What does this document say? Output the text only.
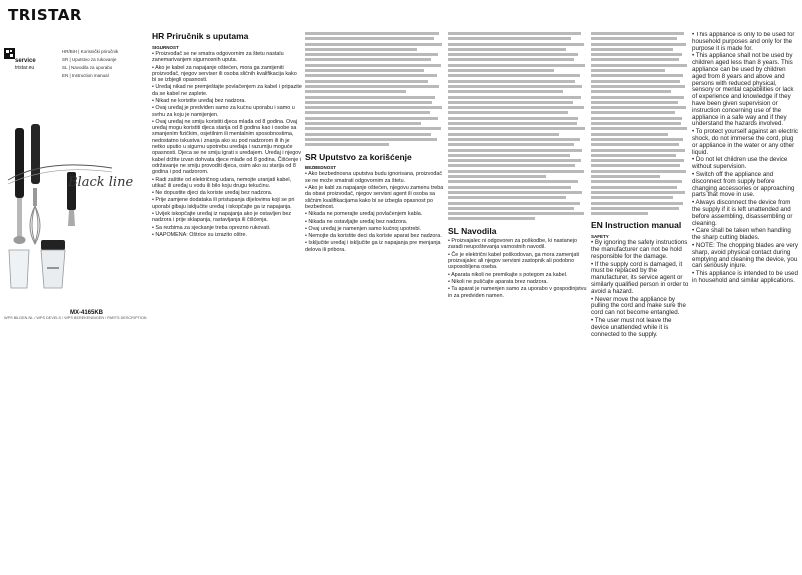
TRISTAR
service
tristar.eu
HR/BiH | Korisnički priručnik
SR | Uputstvo za rukovanje
SL | Navodila za uporabo
EN | Instruction manual
Black line
MX-4165KB
WPS BILDEN.NL / WPS DEVELS / WPS BEREKENINGEN / PARTS DESCRIPTION
HR Priručnik s uputama
SIGURNOST

• Proizvođač se ne smatra odgovornim za štetu nastalu zanemarivanjem sigurnosnih uputa.

• Ako je kabel za napajanje oštećen, mora ga zamijeniti proizvođač, njegov serviser ili osoba sličnih kvalifikacija kako bi se izbjegli opasnosti.

• Uređaj nikad ne premještajte povlačenjem za kabel i pripazite da se kabel ne zaplete.

• Nikad ne koristite uređaj bez nadzora.

• Ovaj uređaj je predviđen samo za kućnu uporabu i samo u svrhu za koju je namijenjen.

• Ovaj uređaj ne smiju koristiti djeca mlađa od 8 godina. Ovaj uređaj mogu koristiti djeca starija od 8 godina kao i osobe sa smanjenim fizičkim, osjetilnim ili mentalnim sposobnostima, nedostatno iskustva i znanja ako su pod nadzorom ili ih je netko uputio u sigurnu upotrebu uređaja i razumiju moguće opasnosti. Djeca se ne smiju igrati s uređajem. Uređaj i njegov kabel držite izvan dohvata djece mlađe od 8 godina. Čišćenje i održavanje ne smiju provoditi djeca, osim ako su starija od 8 godina i pod nadzorom.

• Radi zaštite od električnog udara, nemojte uranjati kabel, utikač ili uređaj u vodu ili bilo koju drugu tekućinu.

• Ne dopustite djeci da koriste uređaj bez nadzora.

• Prije zamjene dodataka ili pristupanja dijelovima koji se pri uporabi gibaju isključite uređaj i iskopčajte ga iz napajanja.

• Uvijek iskopčajte uređaj iz napajanja ako je ostavljen bez nadzora i prije sklapanja, rastavljanja ili čišćenja.

• Sa rezbima za sjeckanje treba oprezno rukovati.

• NAPOMENA: Oštrice su izrazito oštre.

SR Uputstvo za korišćenje
BEZBEDNOST

• Ako bezbednosna uputstva budu ignorisana, proizvođač se ne može smatrati odgovornim za štetu.

• Ako je kabl za napajanje oštećen, njegovu zamenu treba da obavi proizvođač, njegov servisni agent ili osoba sa sličnim kvalifikacijama kako bi se izbegla opasnost po bezbednost.

• Nikada ne pomerajte uređaj povlačenjem kabla.

• Nikada ne ostavljajte uređaj bez nadzora.

• Ovaj uređaj je namenjen samo kućnoj upotrebi.

• Nemojte da koristite deci da koriste aparat bez nadzora.

• Isključite uređaj i isključite ga iz napajanja pre menjanja delova ili pribora.

SL Navodila

• Proizvajalec ni odgovoren za poškodbe, ki nastanejo zaradi neupoštevanja varnostnih navodil.

• Če je električni kabel poškodovan, ga mora zamenjati proizvajalec ali njegov servisni zastopnik ali podobno usposobljena oseba.

• Aparata nikoli ne premikajte s potegom za kabel.

• Nikoli ne puščajte aparata brez nadzora.

• Ta aparat je namenjen samo za uporabo v gospodinjstvu in za predviden namen.

EN Instruction manual
SAFETY

• By ignoring the safety instructions the manufacturer can not be hold responsible for the damage.

• If the supply cord is damaged, it must be replaced by the manufacturer, its service agent or similarly qualified person in order to avoid a hazard.

• Never move the appliance by pulling the cord and make sure the cord can not become entangled.

• The user must not leave the device unattended while it is connected to the supply.

• This appliance is only to be used for household purposes and only for the purpose it is made for.

• This appliance shall not be used by children aged less than 8 years. This appliance can be used by children aged from 8 years and above and persons with reduced physical, sensory or mental capabilities or lack of experience and knowledge if they have been given supervision or instruction concerning use of the appliance in a safe way and if they understand the hazards involved.

• To protect yourself against an electric shock, do not immerse the cord, plug or appliance in the water or any other liquid.

• Do not let children use the device without supervision.

• Switch off the appliance and disconnect from supply before changing accessories or approaching parts that move in use.

• Always disconnect the device from the supply if it is left unattended and before assembling, disassembling or cleaning.

• Care shall be taken when handling the sharp cutting blades.

• NOTE: The chopping blades are very sharp, avoid physical contact during emptying and cleaning the device, you can seriously injure.

• This appliance is intended to be used in household and similar applications.
